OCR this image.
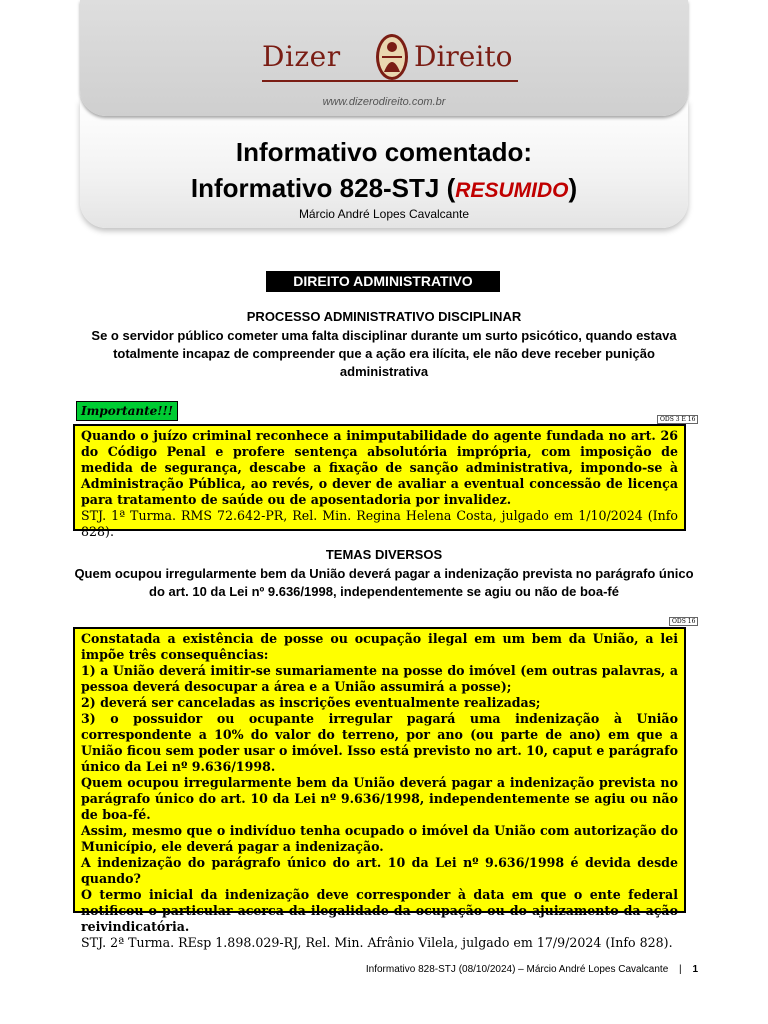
Dizer	Direito
www.dizerodireito.com.br
Informativo comentado:
Informativo 828-STJ (RESUMIDO)
Márcio André Lopes Cavalcante
DIREITO ADMINISTRATIVO
PROCESSO ADMINISTRATIVO DISCIPLINAR
Se o servidor público cometer uma falta disciplinar durante um surto psicótico, quando estava totalmente incapaz de compreender que a ação era ilícita, ele não deve receber punição administrativa
Importante!!!
ODS 3 E 16

Quando o juízo criminal reconhece a inimputabilidade do agente fundada no art. 26 do Código Penal e profere sentença absolutória imprópria, com imposição de medida de segurança, descabe a fixação de sanção administrativa, impondo-se à Administração Pública, ao revés, o dever de avaliar a eventual concessão de licença para tratamento de saúde ou de aposentadoria por invalidez.

STJ. 1ª Turma. RMS 72.642-PR, Rel. Min. Regina Helena Costa, julgado em 1/10/2024 (Info 828).

TEMAS DIVERSOS
Quem ocupou irregularmente bem da União deverá pagar a indenização prevista no parágrafo único do art. 10 da Lei nº 9.636/1998, independentemente se agiu ou não de boa-fé
ODS 16

Constatada a existência de posse ou ocupação ilegal em um bem da União, a lei impõe três consequências:

1) a União deverá imitir-se sumariamente na posse do imóvel (em outras palavras, a pessoa deverá desocupar a área e a União assumirá a posse);

2) deverá ser canceladas as inscrições eventualmente realizadas;

3) o possuidor ou ocupante irregular pagará uma indenização à União correspondente a 10% do valor do terreno, por ano (ou parte de ano) em que a União ficou sem poder usar o imóvel. Isso está previsto no art. 10, caput e parágrafo único da Lei nº 9.636/1998.

Quem ocupou irregularmente bem da União deverá pagar a indenização prevista no parágrafo único do art. 10 da Lei nº 9.636/1998, independentemente se agiu ou não de boa-fé.

Assim, mesmo que o indivíduo tenha ocupado o imóvel da União com autorização do Município, ele deverá pagar a indenização.

A indenização do parágrafo único do art. 10 da Lei nº 9.636/1998 é devida desde quando?

O termo inicial da indenização deve corresponder à data em que o ente federal notificou o particular acerca da ilegalidade da ocupação ou do ajuizamento da ação reivindicatória.

STJ. 2ª Turma. REsp 1.898.029-RJ, Rel. Min. Afrânio Vilela, julgado em 17/9/2024 (Info 828).

Informativo 828-STJ (08/10/2024) – Márcio André Lopes Cavalcante | 1
